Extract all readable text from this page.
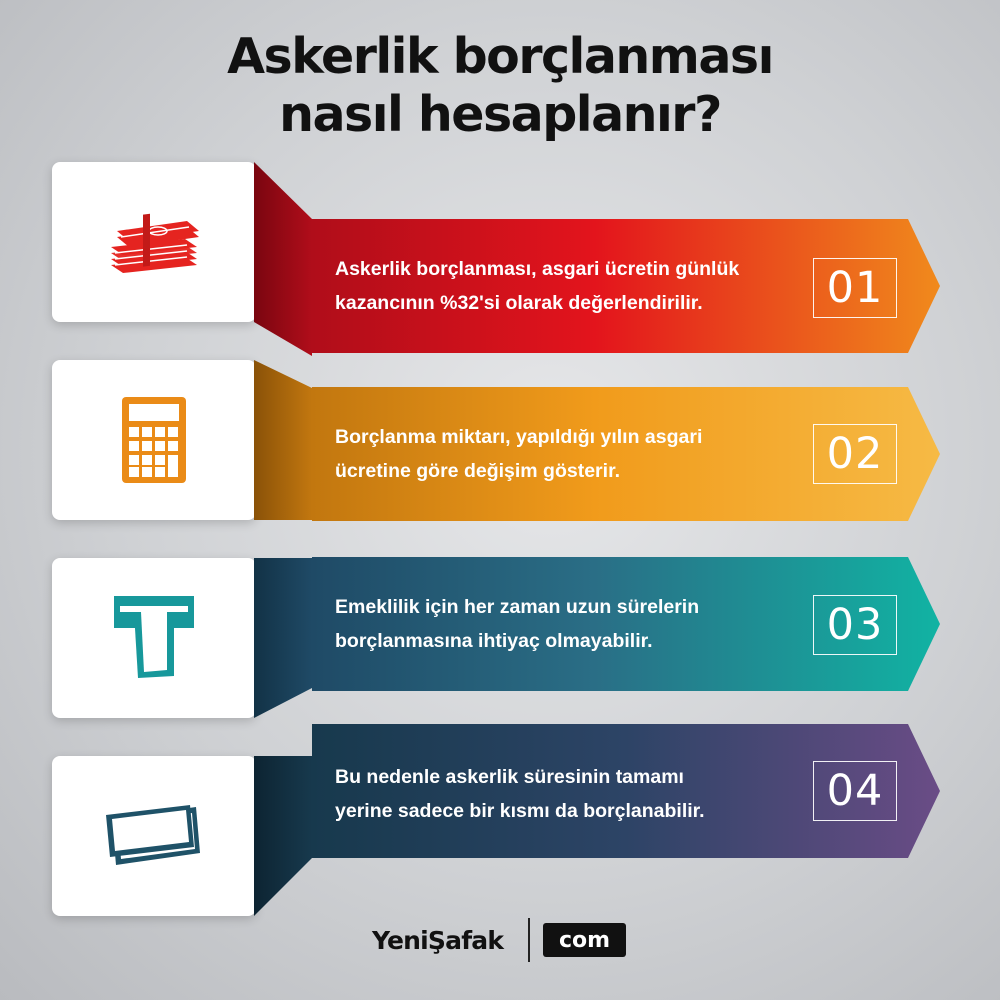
Askerlik borçlanması
nasıl hesaplanır?
Askerlik borçlanması, asgari ücretin günlük
kazancının %32'si olarak değerlendirilir.	01
Borçlanma miktarı, yapıldığı yılın asgari
ücretine göre değişim gösterir.	02
Emeklilik için her zaman uzun sürelerin
borçlanmasına ihtiyaç olmayabilir.	03
Bu nedenle askerlik süresinin tamamı
yerine sadece bir kısmı da borçlanabilir.	04
YeniŞafak	com
